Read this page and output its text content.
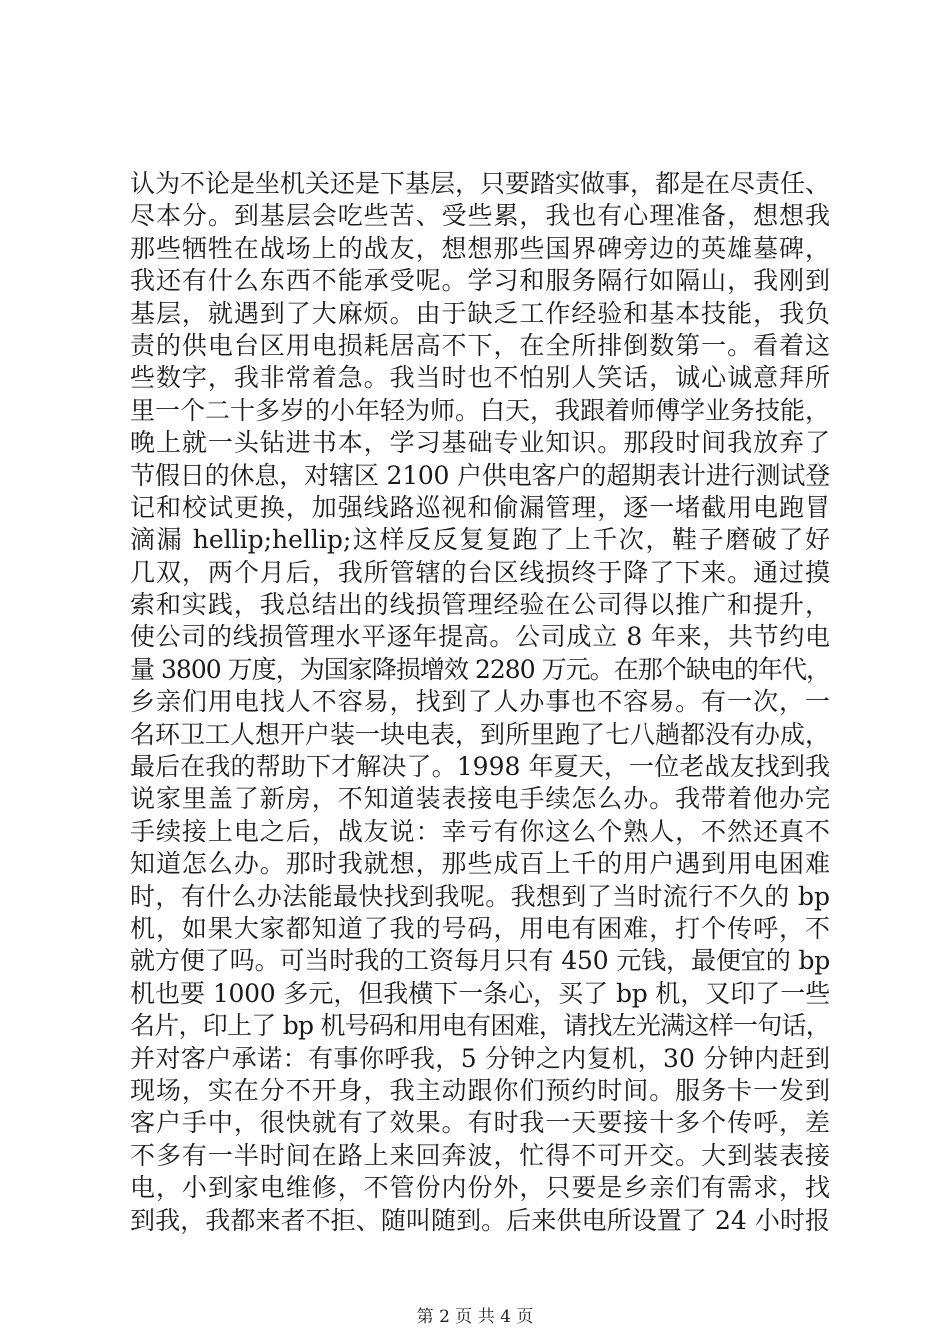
认为不论是坐机关还是下基层，只要踏实做事，都是在尽责任、
尽本分。到基层会吃些苦、受些累，我也有心理准备，想想我
那些牺牲在战场上的战友，想想那些国界碑旁边的英雄墓碑，
我还有什么东西不能承受呢。学习和服务隔行如隔山，我刚到
基层，就遇到了大麻烦。由于缺乏工作经验和基本技能，我负
责的供电台区用电损耗居高不下，在全所排倒数第一。看着这
些数字，我非常着急。我当时也不怕别人笑话，诚心诚意拜所
里一个二十多岁的小年轻为师。白天，我跟着师傅学业务技能，
晚上就一头钻进书本，学习基础专业知识。那段时间我放弃了
节假日的休息，对辖区 2100 户供电客户的超期表计进行测试登
记和校试更换，加强线路巡视和偷漏管理，逐一堵截用电跑冒
滴漏 hellip;hellip;这样反反复复跑了上千次，鞋子磨破了好
几双，两个月后，我所管辖的台区线损终于降了下来。通过摸
索和实践，我总结出的线损管理经验在公司得以推广和提升，
使公司的线损管理水平逐年提高。公司成立 8 年来，共节约电
量 3800 万度，为国家降损增效 2280 万元。在那个缺电的年代，
乡亲们用电找人不容易，找到了人办事也不容易。有一次，一
名环卫工人想开户装一块电表，到所里跑了七八趟都没有办成，
最后在我的帮助下才解决了。1998 年夏天，一位老战友找到我
说家里盖了新房，不知道装表接电手续怎么办。我带着他办完
手续接上电之后，战友说：幸亏有你这么个熟人，不然还真不
知道怎么办。那时我就想，那些成百上千的用户遇到用电困难
时，有什么办法能最快找到我呢。我想到了当时流行不久的 bp
机，如果大家都知道了我的号码，用电有困难，打个传呼，不
就方便了吗。可当时我的工资每月只有 450 元钱，最便宜的 bp
机也要 1000 多元，但我横下一条心，买了 bp 机，又印了一些
名片，印上了 bp 机号码和用电有困难，请找左光满这样一句话，
并对客户承诺：有事你呼我，5 分钟之内复机，30 分钟内赶到
现场，实在分不开身，我主动跟你们预约时间。服务卡一发到
客户手中，很快就有了效果。有时我一天要接十多个传呼，差
不多有一半时间在路上来回奔波，忙得不可开交。大到装表接
电，小到家电维修，不管份内份外，只要是乡亲们有需求，找
到我，我都来者不拒、随叫随到。后来供电所设置了 24 小时报
第 2 页 共 4 页
